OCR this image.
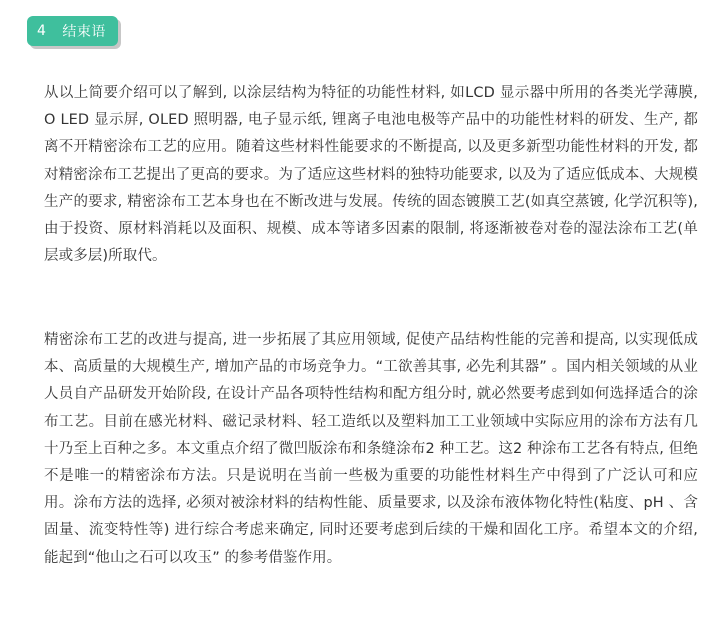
4 结束语

从以上简要介绍可以了解到, 以涂层结构为特征的功能性材料, 如LCD 显示器中所用的各类光学薄膜, O LED 显示屏, OLED 照明器, 电子显示纸, 锂离子电池电极等产品中的功能性材料的研发、生产, 都离不开精密涂布工艺的应用。随着这些材料性能要求的不断提高, 以及更多新型功能性材料的开发, 都对精密涂布工艺提出了更高的要求。为了适应这些材料的独特功能要求, 以及为了适应低成本、大规模生产的要求, 精密涂布工艺本身也在不断改进与发展。传统的固态镀膜工艺(如真空蒸镀, 化学沉积等), 由于投资、原材料消耗以及面积、规模、成本等诸多因素的限制, 将逐渐被卷对卷的湿法涂布工艺(单层或多层)所取代。

精密涂布工艺的改进与提高, 进一步拓展了其应用领域, 促使产品结构性能的完善和提高, 以实现低成本、高质量的大规模生产, 增加产品的市场竞争力。“工欲善其事, 必先利其器” 。国内相关领域的从业人员自产品研发开始阶段, 在设计产品各项特性结构和配方组分时, 就必然要考虑到如何选择适合的涂布工艺。目前在感光材料、磁记录材料、轻工造纸以及塑料加工工业领域中实际应用的涂布方法有几十乃至上百种之多。本文重点介绍了微凹版涂布和条缝涂布2 种工艺。这2 种涂布工艺各有特点, 但绝不是唯一的精密涂布方法。只是说明在当前一些极为重要的功能性材料生产中得到了广泛认可和应用。涂布方法的选择, 必须对被涂材料的结构性能、质量要求, 以及涂布液体物化特性(粘度、pH 、含固量、流变特性等) 进行综合考虑来确定, 同时还要考虑到后续的干燥和固化工序。希望本文的介绍, 能起到“他山之石可以攻玉” 的参考借鉴作用。
